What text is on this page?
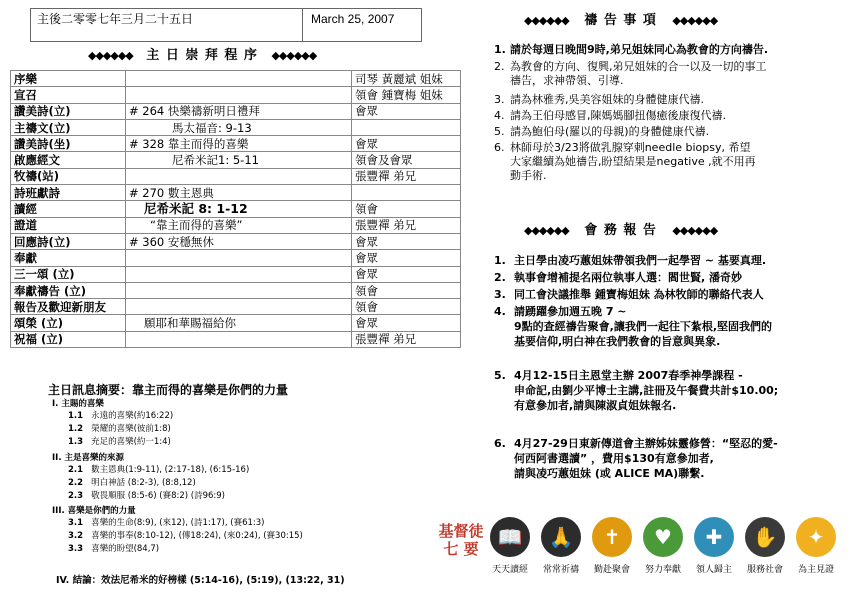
主後二零零七年三月二十五日	March 25, 2007
◆◆◆◆◆◆ 主 日 崇 拜 程 序 ◆◆◆◆◆◆
序樂		司琴 黃麗斌 姐妹
宣召		領會 鍾寶梅 姐妹
讚美詩(立)	# 264 快樂禱新明日禮拜	會眾
主禱文(立)	馬太福音: 9-13	
讚美詩(坐)	# 328 靠主而得的喜樂	會眾
啟應經文	尼希米記1: 5-11	領會及會眾
牧禱(站)		張豐禪 弟兄
詩班獻詩	# 270 數主恩典	
讀經	尼希米記 8: 1-12	領會
證道	“靠主而得的喜樂”	張豐禪 弟兄
回應詩(立)	# 360 安穩無休	會眾
奉獻		會眾
三一頌 (立)		會眾
奉獻禱告 (立)		領會
報告及歡迎新朋友		領會
頌榮 (立)	願耶和華賜福給你	會眾
祝福 (立)		張豐禪 弟兄
主日訊息摘要：靠主而得的喜樂是你們的力量
I. 主賜的喜樂
1.1 永遠的喜樂(約16:22)
1.2 榮耀的喜樂(彼前1:8)
1.3 充足的喜樂(約一1:4)
II. 主是喜樂的來源
2.1 數主恩典(1:9-11), (2:17-18), (6:15-16)
2.2 明白神話 (8:2-3), (8:8,12)
2.3 敬畏順服 (8:5-6) (賽8:2) (詩96:9)
III. 喜樂是你們的力量
3.1 喜樂的生命(8:9), (來12), (詩1:17), (賽61:3)
3.2 喜樂的事奉(8:10-12), (傳18:24), (來0:24), (賽30:15)
3.3 喜樂的盼望(84,7)
IV. 結論：效法尼希米的好榜樣 (5:14-16), (5:19), (13:22, 31)
◆◆◆◆◆◆ 禱 告 事 項 ◆◆◆◆◆◆
1. 請於每週日晚間9時,弟兄姐妹同心為教會的方向禱告.
2. 為教會的方向、復興,弟兄姐妹的合一以及一切的事工
禱告，求神帶領、引導.
3. 請為林雅秀,吳美容姐妹的身體健康代禱.
4. 請為王伯母感冒,陳媽媽腳扭傷癒後康復代禱.
5. 請為鮑伯母(羅以的母親)的身體健康代禱.
6. 林師母於3/23將做乳腺穿刺needle biopsy, 希望
大家繼續為她禱告,盼望結果是negative ,就不用再
動手術.
◆◆◆◆◆◆ 會 務 報 告 ◆◆◆◆◆◆
1. 主日學由凌巧蕙姐妹帶領我們一起學習 ~ 基要真理.
2. 執事會增補提名兩位執事人選：閻世賢, 潘奇妙
3. 同工會決議推舉 鍾寶梅姐妹 為林牧師的聯絡代表人
4. 請踴躍參加週五晚 7 ~
9點的查經禱告聚會,讓我們一起往下紮根,堅固我們的
基要信仰,明白神在我們教會的旨意與異象.
5. 4月12-15日主恩堂主辦 2007春季神學課程 -
申命記,由劉少平博士主講,註冊及午餐費共計$10.00;
有意參加者,請與陳淑貞姐妹報名.
6. 4月27-29日東新傳道會主辦姊妹靈修營：“堅忍的愛-
何西阿書選讀” ，費用$130有意參加者,
請與凌巧蕙姐妹 (或 ALICE MA)聯繫.
基督徒
七 要 📖
天天讀經
🙏
常常祈禱
✝
勤赴聚會
♥
努力奉獻
✚
領人歸主
✋
服務社會
✦
為主見證
